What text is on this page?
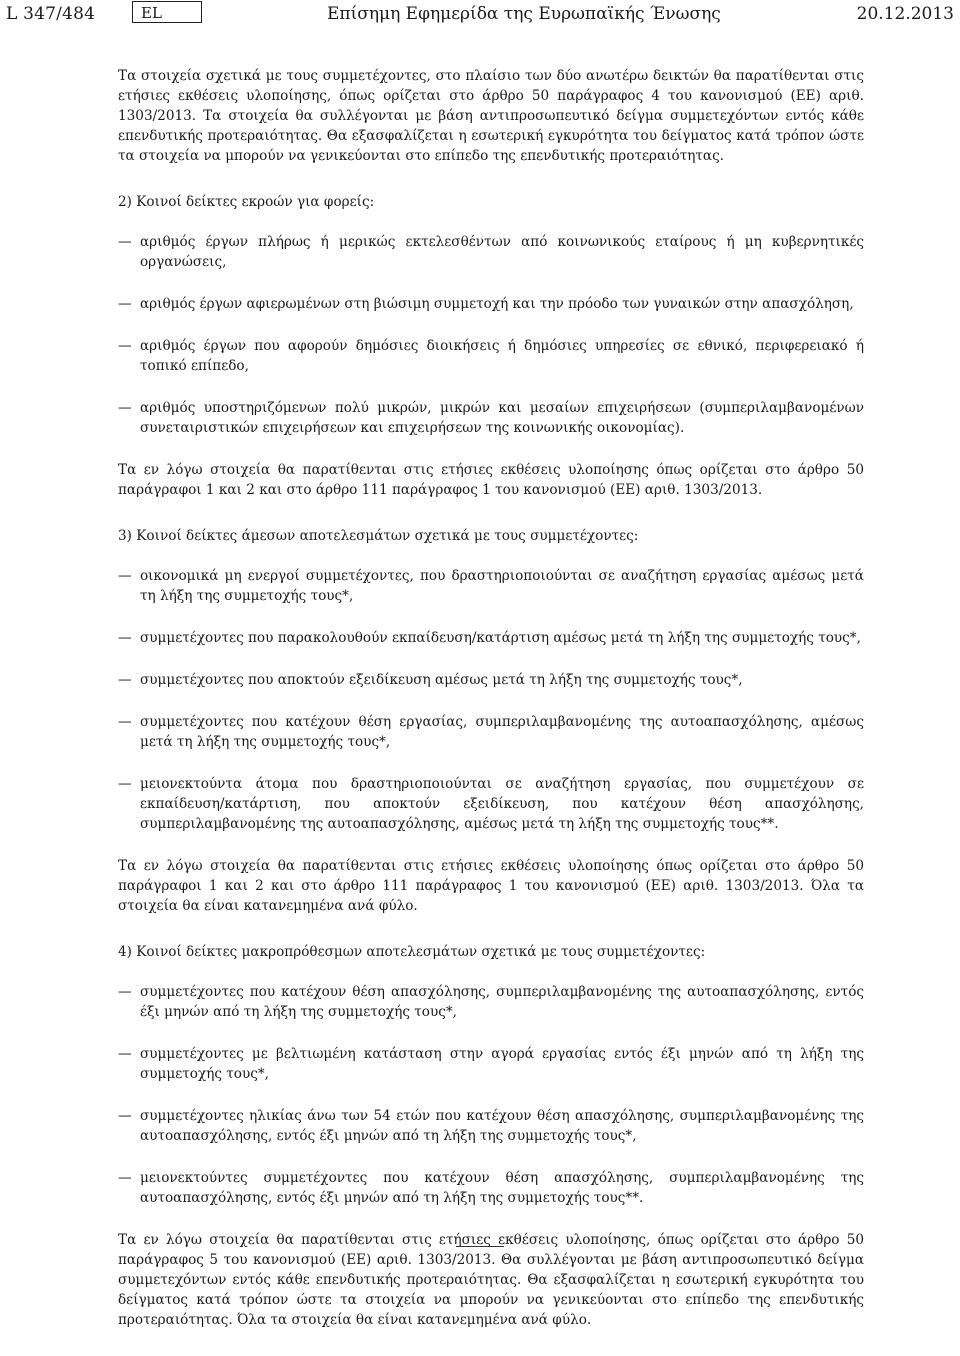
L 347/484	EL	Επίσημη Εφημερίδα της Ευρωπαϊκής Ένωσης	20.12.2013

Τα στοιχεία σχετικά με τους συμμετέχοντες, στο πλαίσιο των δύο ανωτέρω δεικτών θα παρατίθενται στις ετήσιες εκθέσεις υλοποίησης, όπως ορίζεται στο άρθρο 50 παράγραφος 4 του κανονισμού (ΕΕ) αριθ. 1303/2013. Τα στοιχεία θα συλλέγονται με βάση αντιπροσωπευτικό δείγμα συμμετεχόντων εντός κάθε επενδυτικής προτεραιότητας. Θα εξασφαλίζεται η εσωτερική εγκυρότητα του δείγματος κατά τρόπον ώστε τα στοιχεία να μπορούν να γενικεύονται στο επίπεδο της επενδυτικής προτεραιότητας.

2) Κοινοί δείκτες εκροών για φορείς:

— αριθμός έργων πλήρως ή μερικώς εκτελεσθέντων από κοινωνικούς εταίρους ή μη κυβερνητικές οργανώσεις,

— αριθμός έργων αφιερωμένων στη βιώσιμη συμμετοχή και την πρόοδο των γυναικών στην απασχόληση,

— αριθμός έργων που αφορούν δημόσιες διοικήσεις ή δημόσιες υπηρεσίες σε εθνικό, περιφερειακό ή τοπικό επίπεδο,

— αριθμός υποστηριζόμενων πολύ μικρών, μικρών και μεσαίων επιχειρήσεων (συμπεριλαμβανομένων συνεταιριστικών επιχειρήσεων και επιχειρήσεων της κοινωνικής οικονομίας).

Τα εν λόγω στοιχεία θα παρατίθενται στις ετήσιες εκθέσεις υλοποίησης όπως ορίζεται στο άρθρο 50 παράγραφοι 1 και 2 και στο άρθρο 111 παράγραφος 1 του κανονισμού (ΕΕ) αριθ. 1303/2013.

3) Κοινοί δείκτες άμεσων αποτελεσμάτων σχετικά με τους συμμετέχοντες:

— οικονομικά μη ενεργοί συμμετέχοντες, που δραστηριοποιούνται σε αναζήτηση εργασίας αμέσως μετά τη λήξη της συμμετοχής τους*,

— συμμετέχοντες που παρακολουθούν εκπαίδευση/κατάρτιση αμέσως μετά τη λήξη της συμμετοχής τους*,

— συμμετέχοντες που αποκτούν εξειδίκευση αμέσως μετά τη λήξη της συμμετοχής τους*,

— συμμετέχοντες που κατέχουν θέση εργασίας, συμπεριλαμβανομένης της αυτοαπασχόλησης, αμέσως μετά τη λήξη της συμμετοχής τους*,

— μειονεκτούντα άτομα που δραστηριοποιούνται σε αναζήτηση εργασίας, που συμμετέχουν σε εκπαίδευση/κατάρτιση, που αποκτούν εξειδίκευση, που κατέχουν θέση απασχόλησης, συμπεριλαμβανομένης της αυτοαπασχόλησης, αμέσως μετά τη λήξη της συμμετοχής τους**.

Τα εν λόγω στοιχεία θα παρατίθενται στις ετήσιες εκθέσεις υλοποίησης όπως ορίζεται στο άρθρο 50 παράγραφοι 1 και 2 και στο άρθρο 111 παράγραφος 1 του κανονισμού (ΕΕ) αριθ. 1303/2013. Όλα τα στοιχεία θα είναι κατανεμημένα ανά φύλο.

4) Κοινοί δείκτες μακροπρόθεσμων αποτελεσμάτων σχετικά με τους συμμετέχοντες:

— συμμετέχοντες που κατέχουν θέση απασχόλησης, συμπεριλαμβανομένης της αυτοαπασχόλησης, εντός έξι μηνών από τη λήξη της συμμετοχής τους*,

— συμμετέχοντες με βελτιωμένη κατάσταση στην αγορά εργασίας εντός έξι μηνών από τη λήξη της συμμετοχής τους*,

— συμμετέχοντες ηλικίας άνω των 54 ετών που κατέχουν θέση απασχόλησης, συμπεριλαμβανομένης της αυτοαπασχόλησης, εντός έξι μηνών από τη λήξη της συμμετοχής τους*,

— μειονεκτούντες συμμετέχοντες που κατέχουν θέση απασχόλησης, συμπεριλαμβανομένης της αυτοαπασχόλησης, εντός έξι μηνών από τη λήξη της συμμετοχής τους**.

Τα εν λόγω στοιχεία θα παρατίθενται στις ετήσιες εκθέσεις υλοποίησης, όπως ορίζεται στο άρθρο 50 παράγραφος 5 του κανονισμού (ΕΕ) αριθ. 1303/2013. Θα συλλέγονται με βάση αντιπροσωπευτικό δείγμα συμμετεχόντων εντός κάθε επενδυτικής προτεραιότητας. Θα εξασφαλίζεται η εσωτερική εγκυρότητα του δείγματος κατά τρόπον ώστε τα στοιχεία να μπορούν να γενικεύονται στο επίπεδο της επενδυτικής προτεραιότητας. Όλα τα στοιχεία θα είναι κατανεμημένα ανά φύλο.
